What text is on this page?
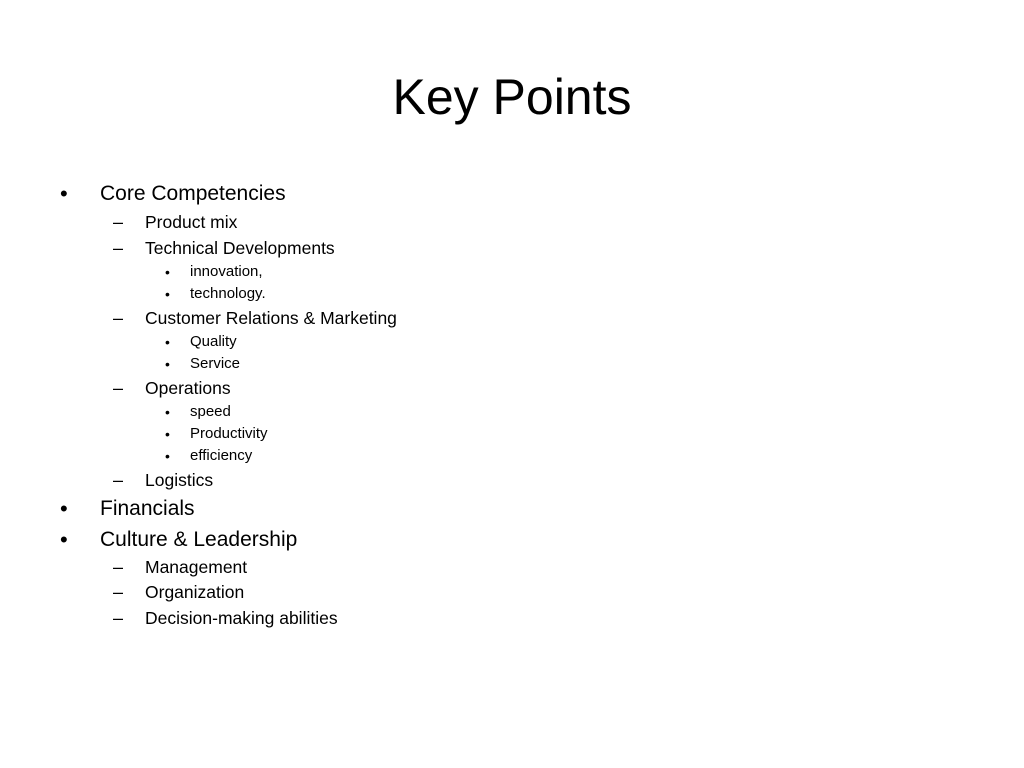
Key Points
• Core Competencies
– Product mix
– Technical Developments
• innovation,
• technology.
– Customer Relations & Marketing
• Quality
• Service
– Operations
• speed
• Productivity
• efficiency
– Logistics
• Financials
• Culture & Leadership
– Management
– Organization
– Decision-making abilities
